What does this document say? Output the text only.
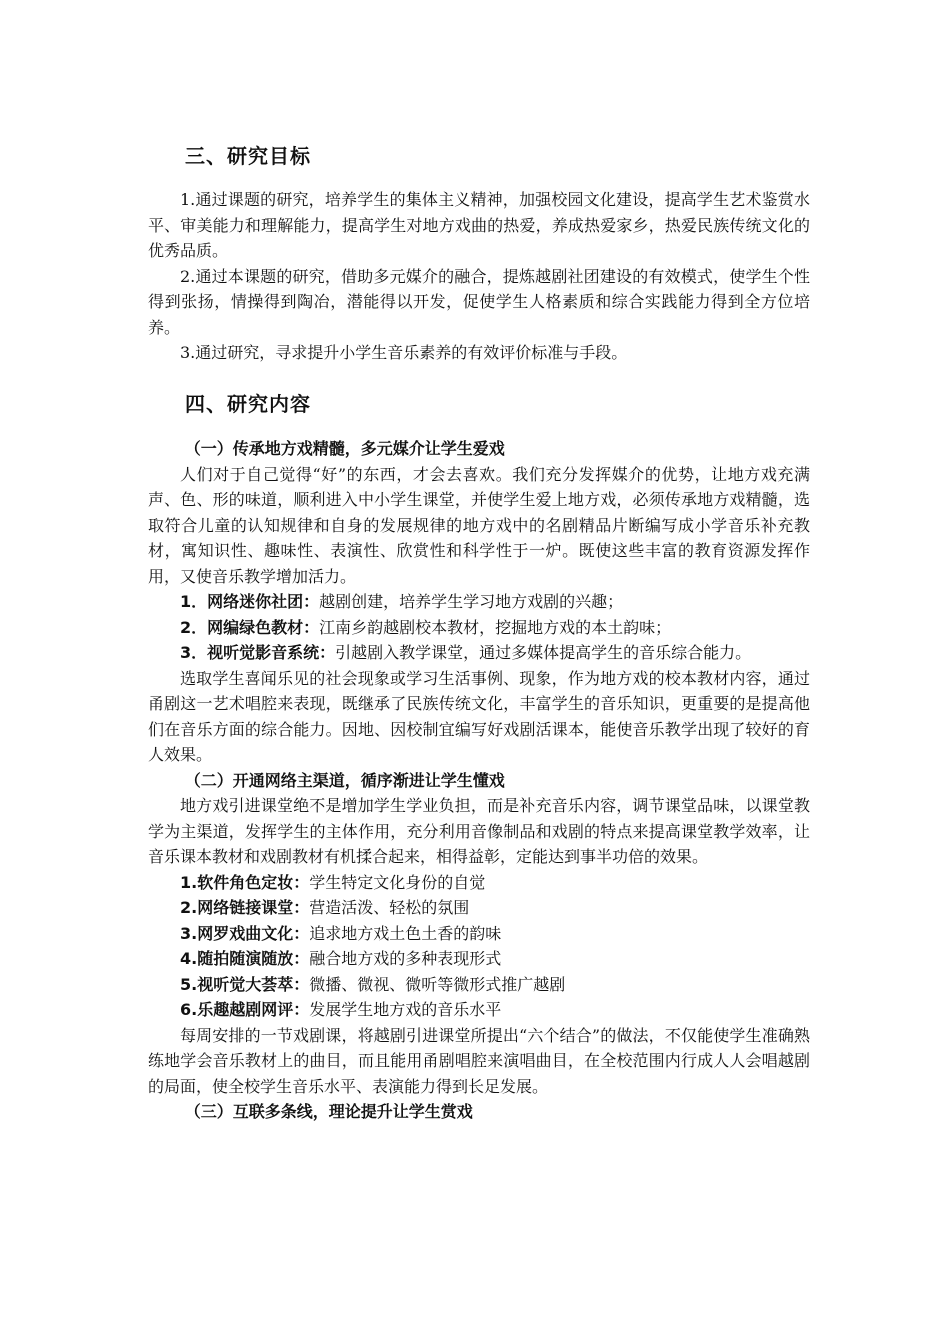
三、研究目标

1.通过课题的研究，培养学生的集体主义精神，加强校园文化建设，提高学生艺术鉴赏水平、审美能力和理解能力，提高学生对地方戏曲的热爱，养成热爱家乡，热爱民族传统文化的优秀品质。

2.通过本课题的研究，借助多元媒介的融合，提炼越剧社团建设的有效模式，使学生个性得到张扬，情操得到陶冶，潜能得以开发，促使学生人格素质和综合实践能力得到全方位培养。

3.通过研究，寻求提升小学生音乐素养的有效评价标准与手段。

四、研究内容

（一）传承地方戏精髓，多元媒介让学生爱戏

人们对于自己觉得“好”的东西，才会去喜欢。我们充分发挥媒介的优势，让地方戏充满声、色、形的味道，顺利进入中小学生课堂，并使学生爱上地方戏，必须传承地方戏精髓，选取符合儿童的认知规律和自身的发展规律的地方戏中的名剧精品片断编写成小学音乐补充教材，寓知识性、趣味性、表演性、欣赏性和科学性于一炉。既使这些丰富的教育资源发挥作用，又使音乐教学增加活力。

1．网络迷你社团：越剧创建，培养学生学习地方戏剧的兴趣；

2．网编绿色教材：江南乡韵越剧校本教材，挖掘地方戏的本土韵味；

3．视听觉影音系统：引越剧入教学课堂，通过多媒体提高学生的音乐综合能力。

选取学生喜闻乐见的社会现象或学习生活事例、现象，作为地方戏的校本教材内容，通过甬剧这一艺术唱腔来表现，既继承了民族传统文化，丰富学生的音乐知识，更重要的是提高他们在音乐方面的综合能力。因地、因校制宜编写好戏剧活课本，能使音乐教学出现了较好的育人效果。

（二）开通网络主渠道，循序渐进让学生懂戏

地方戏引进课堂绝不是增加学生学业负担，而是补充音乐内容，调节课堂品味，以课堂教学为主渠道，发挥学生的主体作用，充分利用音像制品和戏剧的特点来提高课堂教学效率，让音乐课本教材和戏剧教材有机揉合起来，相得益彰，定能达到事半功倍的效果。

1.软件角色定妆：学生特定文化身份的自觉

2.网络链接课堂：营造活泼、轻松的氛围

3.网罗戏曲文化：追求地方戏土色土香的韵味

4.随拍随演随放：融合地方戏的多种表现形式

5.视听觉大荟萃：微播、微视、微听等微形式推广越剧

6.乐趣越剧网评：发展学生地方戏的音乐水平

每周安排的一节戏剧课，将越剧引进课堂所提出“六个结合”的做法，不仅能使学生准确熟练地学会音乐教材上的曲目，而且能用甬剧唱腔来演唱曲目，在全校范围内行成人人会唱越剧的局面，使全校学生音乐水平、表演能力得到长足发展。

（三）互联多条线，理论提升让学生赏戏
